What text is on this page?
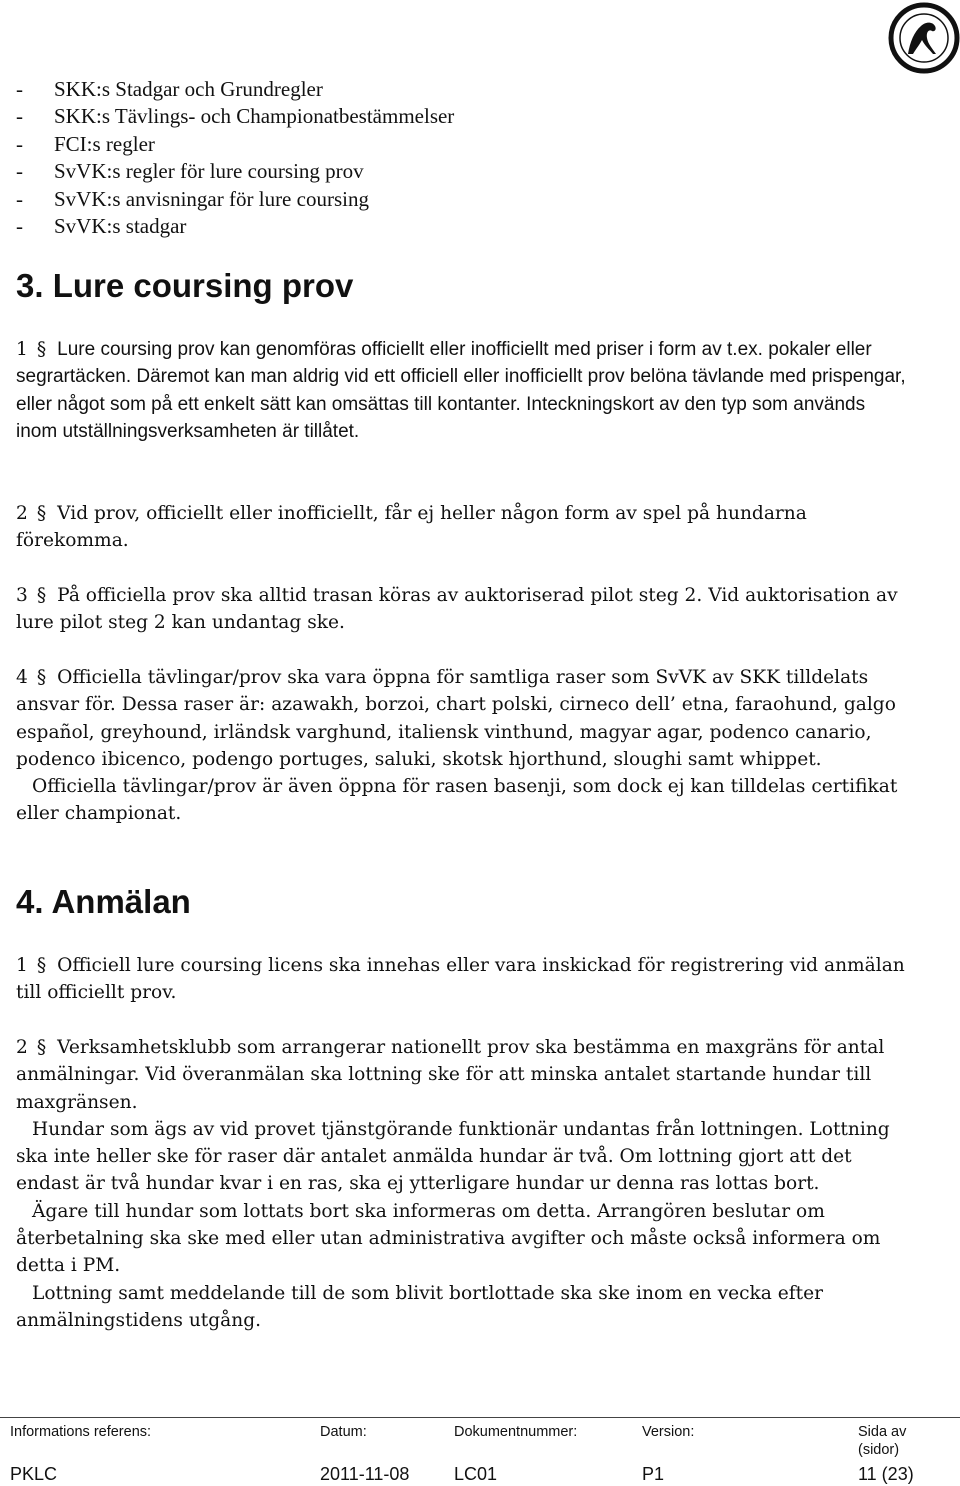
- SKK:s Stadgar och Grundregler
- SKK:s Tävlings- och Championatbestämmelser
- FCI:s regler
- SvVK:s regler för lure coursing prov
- SvVK:s anvisningar för lure coursing
- SvVK:s stadgar
3. Lure coursing prov

1 § Lure coursing prov kan genomföras officiellt eller inofficiellt med priser i form av t.ex. pokaler eller segrartäcken. Däremot kan man aldrig vid ett officiell eller inofficiellt prov belöna tävlande med prispengar, eller något som på ett enkelt sätt kan omsättas till kontanter. Inteckningskort av den typ som används inom utställningsverksamheten är tillåtet.

2 § Vid prov, officiellt eller inofficiellt, får ej heller någon form av spel på hundarna förekomma.

3 § På officiella prov ska alltid trasan köras av auktoriserad pilot steg 2. Vid auktorisation av lure pilot steg 2 kan undantag ske.

4 § Officiella tävlingar/prov ska vara öppna för samtliga raser som SvVK av SKK tilldelats ansvar för. Dessa raser är: azawakh, borzoi, chart polski, cirneco dell’ etna, faraohund, galgo español, greyhound, irländsk varghund, italiensk vinthund, magyar agar, podenco canario, podenco ibicenco, podengo portuges, saluki, skotsk hjorthund, sloughi samt whippet.
Officiella tävlingar/prov är även öppna för rasen basenji, som dock ej kan tilldelas certifikat eller championat.

4. Anmälan

1 § Officiell lure coursing licens ska innehas eller vara inskickad för registrering vid anmälan till officiellt prov.

2 § Verksamhetsklubb som arrangerar nationellt prov ska bestämma en maxgräns för antal anmälningar. Vid överanmälan ska lottning ske för att minska antalet startande hundar till maxgränsen.
Hundar som ägs av vid provet tjänstgörande funktionär undantas från lottningen. Lottning ska inte heller ske för raser där antalet anmälda hundar är två. Om lottning gjort att det endast är två hundar kvar i en ras, ska ej ytterligare hundar ur denna ras lottas bort.
Ägare till hundar som lottats bort ska informeras om detta. Arrangören beslutar om återbetalning ska ske med eller utan administrativa avgifter och måste också informera om detta i PM.
Lottning samt meddelande till de som blivit bortlottade ska ske inom en vecka efter anmälningstidens utgång.

Informations referens:	Datum:	Dokumentnummer:	Version:	Sida av
(sidor)
PKLC	2011-11-08 LC01	P1	11 (23)
